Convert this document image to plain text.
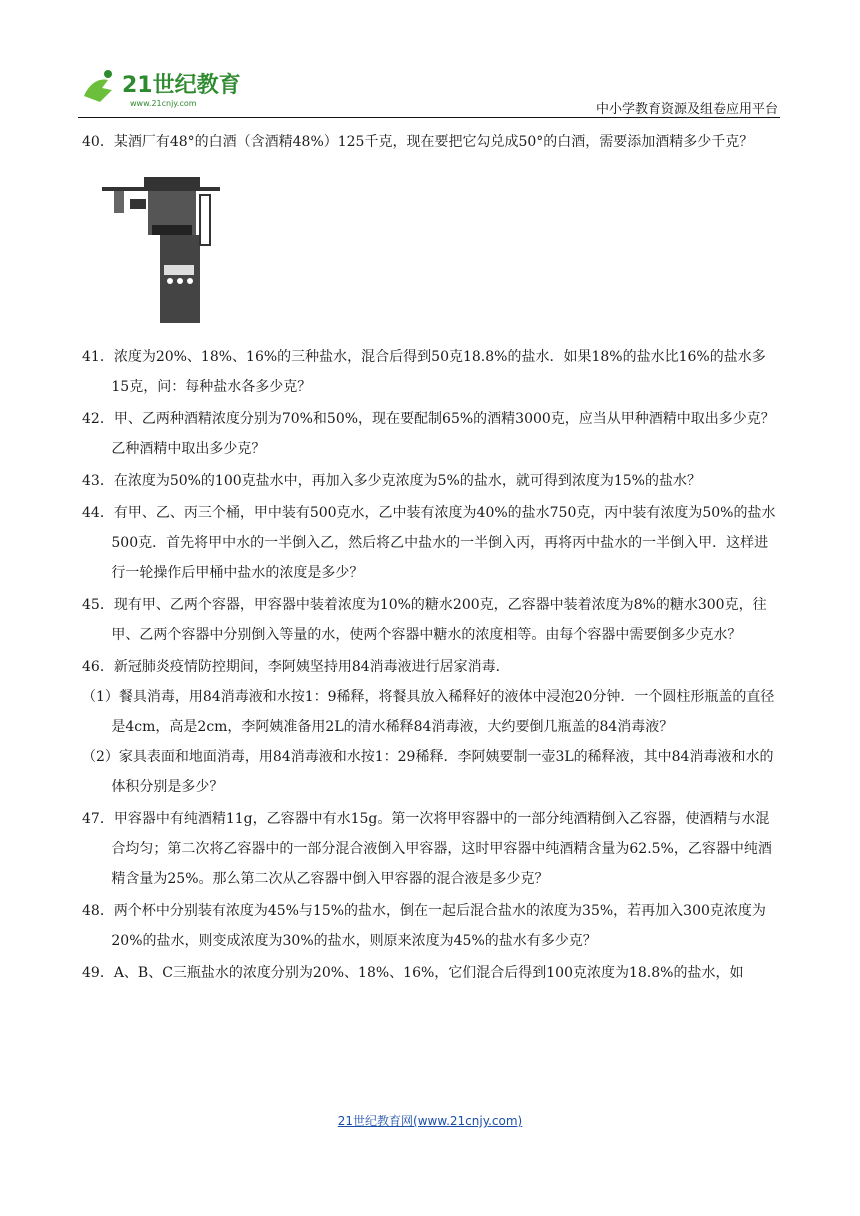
21世纪教育
www.21cnjy.com	中小学教育资源及组卷应用平台
40．某酒厂有48°的白酒（含酒精48%）125千克，现在要把它勾兑成50°的白酒，需要添加酒精多少千克？
41．浓度为20%、18%、16%的三种盐水，混合后得到50克18.8%的盐水．如果18%的盐水比16%的盐水多15克，问：每种盐水各多少克？
42．甲、乙两种酒精浓度分别为70%和50%，现在要配制65%的酒精3000克，应当从甲种酒精中取出多少克？乙种酒精中取出多少克？
43．在浓度为50%的100克盐水中，再加入多少克浓度为5%的盐水，就可得到浓度为15%的盐水？
44．有甲、乙、丙三个桶，甲中装有500克水，乙中装有浓度为40%的盐水750克，丙中装有浓度为50%的盐水500克．首先将甲中水的一半倒入乙，然后将乙中盐水的一半倒入丙，再将丙中盐水的一半倒入甲．这样进行一轮操作后甲桶中盐水的浓度是多少？
45．现有甲、乙两个容器，甲容器中装着浓度为10%的糖水200克，乙容器中装着浓度为8%的糖水300克，往甲、乙两个容器中分别倒入等量的水，使两个容器中糖水的浓度相等。由每个容器中需要倒多少克水？
46．新冠肺炎疫情防控期间，李阿姨坚持用84消毒液进行居家消毒．
（1）餐具消毒，用84消毒液和水按1：9稀释，将餐具放入稀释好的液体中浸泡20分钟．一个圆柱形瓶盖的直径是4cm，高是2cm，李阿姨准备用2L的清水稀释84消毒液，大约要倒几瓶盖的84消毒液？
（2）家具表面和地面消毒，用84消毒液和水按1：29稀释．李阿姨要制一壶3L的稀释液，其中84消毒液和水的体积分别是多少？
47．甲容器中有纯酒精11g，乙容器中有水15g。第一次将甲容器中的一部分纯酒精倒入乙容器，使酒精与水混合均匀；第二次将乙容器中的一部分混合液倒入甲容器，这时甲容器中纯酒精含量为62.5%，乙容器中纯酒精含量为25%。那么第二次从乙容器中倒入甲容器的混合液是多少克？
48．两个杯中分别装有浓度为45%与15%的盐水，倒在一起后混合盐水的浓度为35%，若再加入300克浓度为20%的盐水，则变成浓度为30%的盐水，则原来浓度为45%的盐水有多少克？
49．A、B、C三瓶盐水的浓度分别为20%、18%、16%，它们混合后得到100克浓度为18.8%的盐水，如
21世纪教育网(www.21cnjy.com)
